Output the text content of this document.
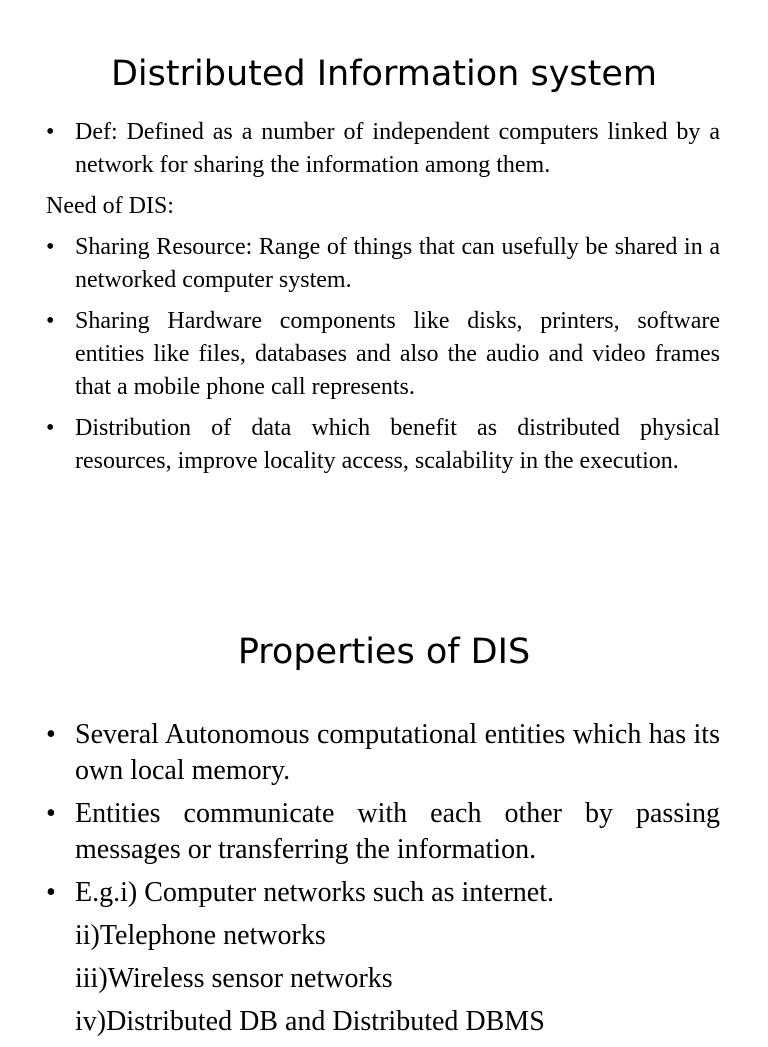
Distributed Information system

• Def: Defined as a number of independent computers linked by a network for sharing the information among them.

Need of DIS:

• Sharing Resource: Range of things that can usefully be shared in a networked computer system.

• Sharing Hardware components like disks, printers, software entities like files, databases and also the audio and video frames that a mobile phone call represents.

• Distribution of data which benefit as distributed physical resources, improve locality access, scalability in the execution.

Properties of DIS

• Several Autonomous computational entities which has its own local memory.

• Entities communicate with each other by passing messages or transferring the information.

• E.g.i) Computer networks such as internet.

ii)Telephone networks

iii)Wireless sensor networks

iv)Distributed DB and Distributed DBMS
